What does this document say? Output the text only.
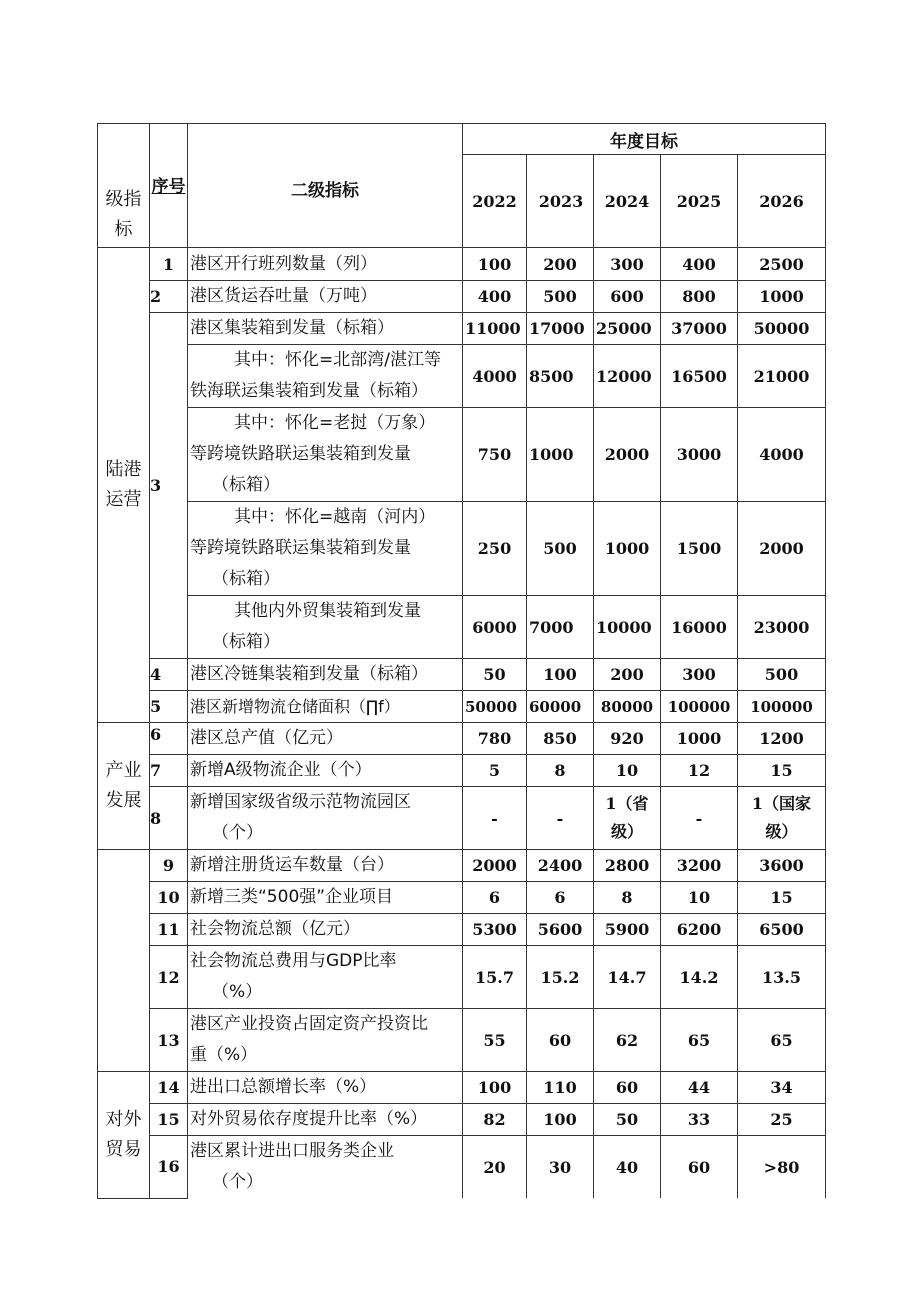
级指标	序号	二级指标	年度目标				
			2022	2023	2024	2025	2026
陆港运营	1	港区开行班列数量（列）	100	200	300	400	2500
	2	港区货运吞吐量（万吨）	400	500	600	800	1000
	3	港区集装箱到发量（标箱）	11000	17000	25000	37000	50000

		其中：怀化=北部湾/湛江等
铁海联运集装箱到发量（标箱）	4000	8500	12000	16500	21000

		其中：怀化=老挝（万象）
等跨境铁路联运集装箱到发量
（标箱）	750	1000	2000	3000	4000

		其中：怀化=越南（河内）
等跨境铁路联运集装箱到发量
（标箱）	250	500	1000	1500	2000

		其他内外贸集装箱到发量
（标箱）	6000	7000	10000	16000	23000
	4	港区冷链集装箱到发量（标箱）	50	100	200	300	500
	5	港区新增物流仓储面积（∏f）	50000	60000	80000	100000	100000
产业发展	6	港区总产值（亿元）	780	850	920	1000	1200
	7	新增A级物流企业（个）	5	8	10	12	15
	8	新增国家级省级示范物流园区
（个）	-	-	1（省级）	-	1（国家级）
	9	新增注册货运车数量（台）	2000	2400	2800	3200	3600
	10	新增三类“500强”企业项目	6	6	8	10	15
	11	社会物流总额（亿元）	5300	5600	5900	6200	6500
	12	社会物流总费用与GDP比率
（%）	15.7	15.2	14.7	14.2	13.5
	13	港区产业投资占固定资产投资比
重（%）	55	60	62	65	65
对外贸易	14	进出口总额增长率（%）	100	110	60	44	34
	15	对外贸易依存度提升比率（%）	82	100	50	33	25
	16	港区累计进出口服务类企业
（个）	20	30	40	60	>80
